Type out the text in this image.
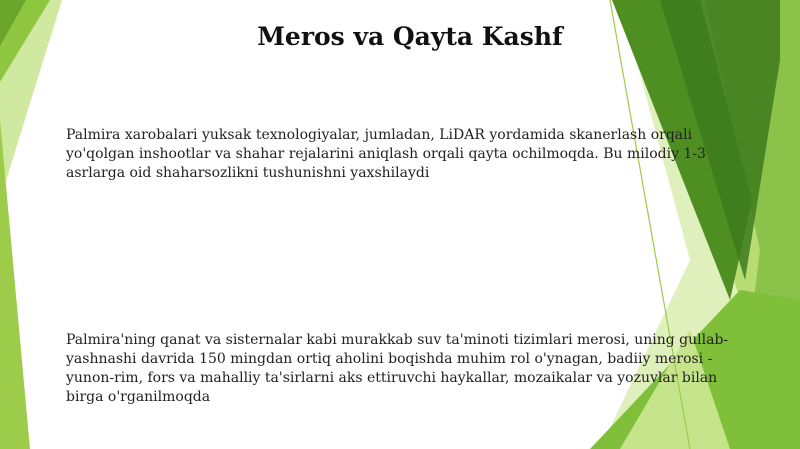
Meros va Qayta Kashf

Palmira xarobalari yuksak texnologiyalar, jumladan, LiDAR yordamida skanerlash orqali yo'qolgan inshootlar va shahar rejalarini aniqlash orqali qayta ochilmoqda. Bu milodiy 1-3 asrlarga oid shaharsozlikni tushunishni yaxshilaydi

Palmira'ning qanat va sisternalar kabi murakkab suv ta'minoti tizimlari merosi, uning gullab-yashnashi davrida 150 mingdan ortiq aholini boqishda muhim rol o'ynagan, badiiy merosi - yunon-rim, fors va mahalliy ta'sirlarni aks ettiruvchi haykallar, mozaikalar va yozuvlar bilan birga o'rganilmoqda
